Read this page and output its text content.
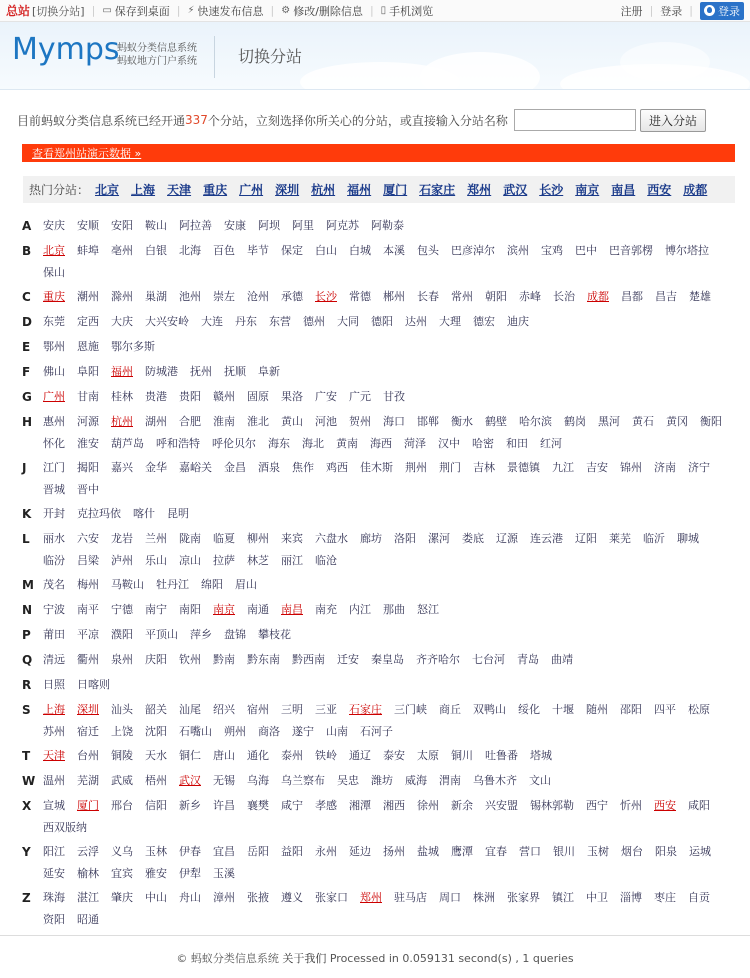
总站 [切换分站] | ▭ 保存到桌面 | ⚡ 快速发布信息 | ⚙ 修改/删除信息 | ▯ 手机浏览	注册 | 登录 | 登录
Mymps
蚂蚁分类信息系统
蚂蚁地方门户系统	切换分站
目前蚂蚁分类信息系统已经开通 337 个分站，立刻选择你所关心的分站，或直接输入分站名称	进入分站
查看郑州站演示数据 »
热门分站： 北京 上海 天津 重庆 广州 深圳 杭州 福州 厦门 石家庄 郑州 武汉 长沙 南京 南昌 西安 成都
A	安庆 安顺 安阳 鞍山 阿拉善 安康 阿坝 阿里 阿克苏 阿勒泰
B	北京 蚌埠 亳州 白银 北海 百色 毕节 保定 白山 白城 本溪 包头 巴彦淖尔 滨州 宝鸡 巴中 巴音郭楞 博尔塔拉
保山
C	重庆 潮州 滁州 巢湖 池州 崇左 沧州 承德 长沙 常德 郴州 长春 常州 朝阳 赤峰 长治 成都 昌都 昌吉 楚雄
D	东莞 定西 大庆 大兴安岭 大连 丹东 东营 德州 大同 德阳 达州 大理 德宏 迪庆
E	鄂州 恩施 鄂尔多斯
F	佛山 阜阳 福州 防城港 抚州 抚顺 阜新
G	广州 甘南 桂林 贵港 贵阳 赣州 固原 果洛 广安 广元 甘孜
H 惠州 河源 杭州 湖州 合肥 淮南 淮北 黄山 河池 贺州 海口 邯郸 衡水 鹤壁 哈尔滨 鹤岗 黑河 黄石 黄冈 衡阳
怀化 淮安 葫芦岛 呼和浩特 呼伦贝尔 海东 海北 黄南 海西 菏泽 汉中 哈密 和田 红河
J	江门 揭阳 嘉兴 金华 嘉峪关 金昌 酒泉 焦作 鸡西 佳木斯 荆州 荆门 吉林 景德镇 九江 吉安 锦州 济南 济宁
晋城 晋中
K	开封 克拉玛依 喀什 昆明
L	丽水 六安 龙岩 兰州 陇南 临夏 柳州 来宾 六盘水 廊坊 洛阳 漯河 娄底 辽源 连云港 辽阳 莱芜 临沂 聊城
临汾 吕梁 泸州 乐山 凉山 拉萨 林芝 丽江 临沧
M 茂名 梅州 马鞍山 牡丹江 绵阳 眉山
N 宁波 南平 宁德 南宁 南阳 南京 南通 南昌 南充 内江 那曲 怒江
P	莆田 平凉 濮阳 平顶山 萍乡 盘锦 攀枝花
Q 清远 衢州 泉州 庆阳 钦州 黔南 黔东南 黔西南 迁安 秦皇岛 齐齐哈尔 七台河 青岛 曲靖
R	日照 日喀则
S	上海 深圳 汕头 韶关 汕尾 绍兴 宿州 三明 三亚 石家庄 三门峡 商丘 双鸭山 绥化 十堰 随州 邵阳 四平 松原
苏州 宿迁 上饶 沈阳 石嘴山 朔州 商洛 遂宁 山南 石河子
T	天津 台州 铜陵 天水 铜仁 唐山 通化 泰州 铁岭 通辽 泰安 太原 铜川 吐鲁番 塔城
W 温州 芜湖 武威 梧州 武汉 无锡 乌海 乌兰察布 吴忠 潍坊 威海 渭南 乌鲁木齐 文山
X	宣城 厦门 邢台 信阳 新乡 许昌 襄樊 咸宁 孝感 湘潭 湘西 徐州 新余 兴安盟 锡林郭勒 西宁 忻州 西安 咸阳
西双版纳
Y	阳江 云浮 义乌 玉林 伊春 宜昌 岳阳 益阳 永州 延边 扬州 盐城 鹰潭 宜春 营口 银川 玉树 烟台 阳泉 运城
延安 榆林 宜宾 雅安 伊犁 玉溪
Z	珠海 湛江 肇庆 中山 舟山 漳州 张掖 遵义 张家口 郑州 驻马店 周口 株洲 张家界 镇江 中卫 淄博 枣庄 自贡
资阳 昭通
© 蚂蚁分类信息系统 关于我们 Processed in 0.059131 second(s) , 1 queries
